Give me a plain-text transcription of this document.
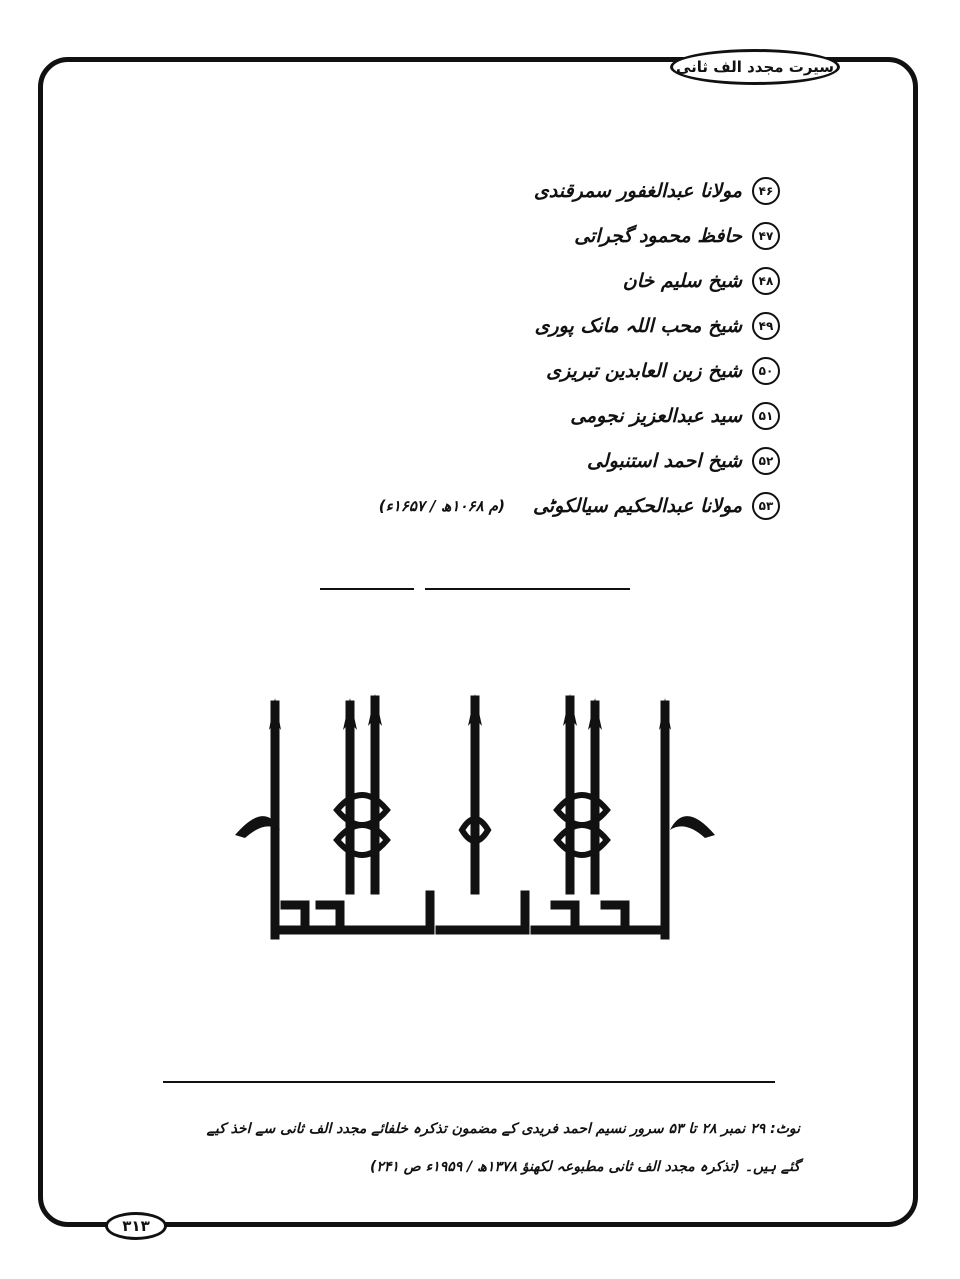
سیرت مجدد الف ثانی
۴۶
مولانا عبدالغفور سمرقندی
۴۷
حافظ محمود گجراتی
۴۸
شیخ سلیم خان
۴۹
شیخ محب اللہ مانک پوری
۵۰
شیخ زین العابدین تبریزی
۵۱
سید عبدالعزیز نجومی
۵۲
شیخ احمد استنبولی
۵۳
مولانا عبدالحکیم سیالکوٹی
(م ۱۰۶۸ھ / ۱۶۵۷ء)
نوٹ: ۲۹ نمبر ۲۸ تا ۵۳ سرور نسیم احمد فریدی کے مضمون تذکرہ خلفائے مجدد الف ثانی سے اخذ کیے
گئے ہیں۔ (تذکرہ مجدد الف ثانی مطبوعہ لکھنؤ ۱۳۷۸ھ / ۱۹۵۹ء ص ۲۴۱)
۳۱۳
